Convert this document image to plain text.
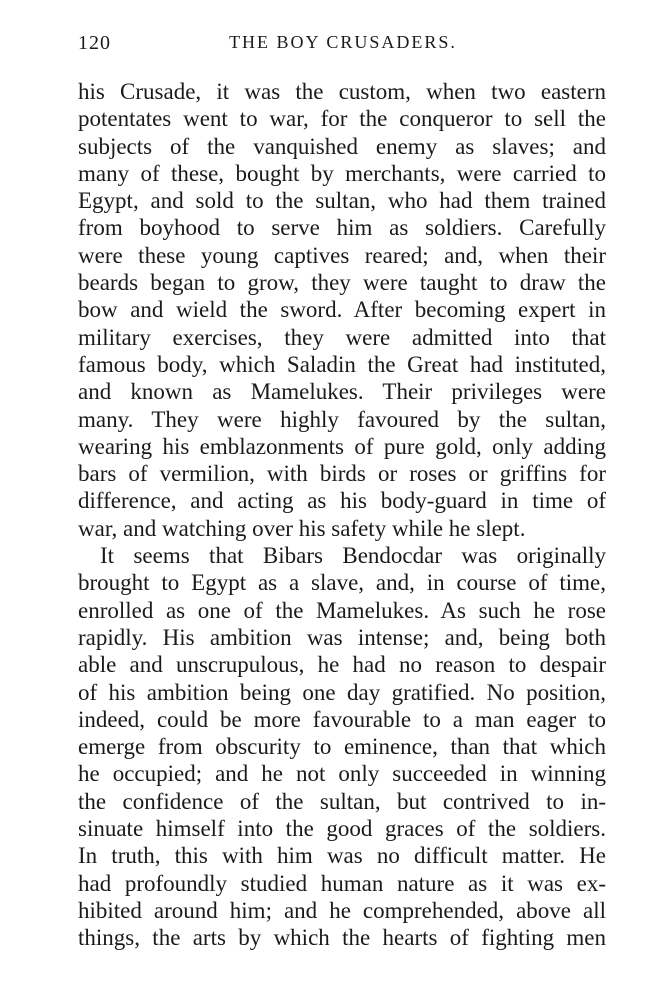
120	THE BOY CRUSADERS.
his Crusade, it was the custom, when two eastern
potentates went to war, for the conqueror to sell the
subjects of the vanquished enemy as slaves; and
many of these, bought by merchants, were carried to
Egypt, and sold to the sultan, who had them trained
from boyhood to serve him as soldiers. Carefully
were these young captives reared; and, when their
beards began to grow, they were taught to draw the
bow and wield the sword. After becoming expert in
military exercises, they were admitted into that
famous body, which Saladin the Great had instituted,
and known as Mamelukes. Their privileges were
many. They were highly favoured by the sultan,
wearing his emblazonments of pure gold, only adding
bars of vermilion, with birds or roses or griffins for
difference, and acting as his body-guard in time of
war, and watching over his safety while he slept.
It seems that Bibars Bendocdar was originally
brought to Egypt as a slave, and, in course of time,
enrolled as one of the Mamelukes. As such he rose
rapidly. His ambition was intense; and, being both
able and unscrupulous, he had no reason to despair
of his ambition being one day gratified. No position,
indeed, could be more favourable to a man eager to
emerge from obscurity to eminence, than that which
he occupied; and he not only succeeded in winning
the confidence of the sultan, but contrived to in-
sinuate himself into the good graces of the soldiers.
In truth, this with him was no difficult matter. He
had profoundly studied human nature as it was ex-
hibited around him; and he comprehended, above all
things, the arts by which the hearts of fighting men
